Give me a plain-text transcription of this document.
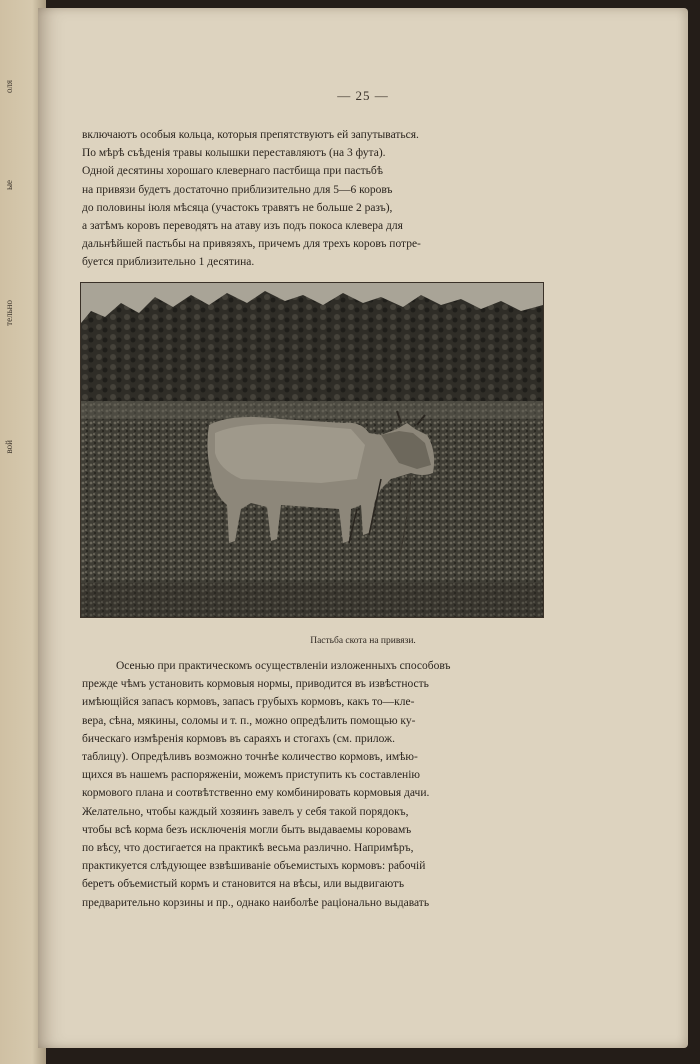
оля
ые
тельно
вой
— 25 —

включаютъ особыя кольца, которыя препятствуютъ ей запутываться.

По мѣрѣ съѣденія травы колышки переставляютъ (на 3 фута).

Одной десятины хорошаго клевернаго пастбища при пастьбѣ

на привязи будетъ достаточно приблизительно для 5—6 коровъ

до половины іюля мѣсяца (участокъ травятъ не больше 2 разъ),

а затѣмъ коровъ переводятъ на атаву изъ подъ покоса клевера для

дальнѣйшей пастьбы на привязяхъ, причемъ для трехъ коровъ потре-

буется приблизительно 1 десятина.

Пастьба скота на привязи.

Осенью при практическомъ осуществленіи изложенныхъ способовъ

прежде чѣмъ установить кормовыя нормы, приводится въ извѣстность

имѣющійся запасъ кормовъ, запасъ грубыхъ кормовъ, какъ то—кле-

вера, сѣна, мякины, соломы и т. п., можно опредѣлить помощью ку-

бическаго измѣренія кормовъ въ сараяхъ и стогахъ (см. прилож.

таблицу). Опредѣливъ возможно точнѣе количество кормовъ, имѣю-

щихся въ нашемъ распоряженіи, можемъ приступить къ составленію

кормового плана и соотвѣтственно ему комбинировать кормовыя дачи.

Желательно, чтобы каждый хозяинъ завелъ у себя такой порядокъ,

чтобы всѣ корма безъ исключенія могли быть выдаваемы коровамъ

по вѣсу, что достигается на практикѣ весьма различно. Напримѣръ,

практикуется слѣдующее взвѣшиваніе объемистыхъ кормовъ: рабочій

беретъ объемистый кормъ и становится на вѣсы, или выдвигаютъ

предварительно корзины и пр., однако наиболѣе раціонально выдавать
